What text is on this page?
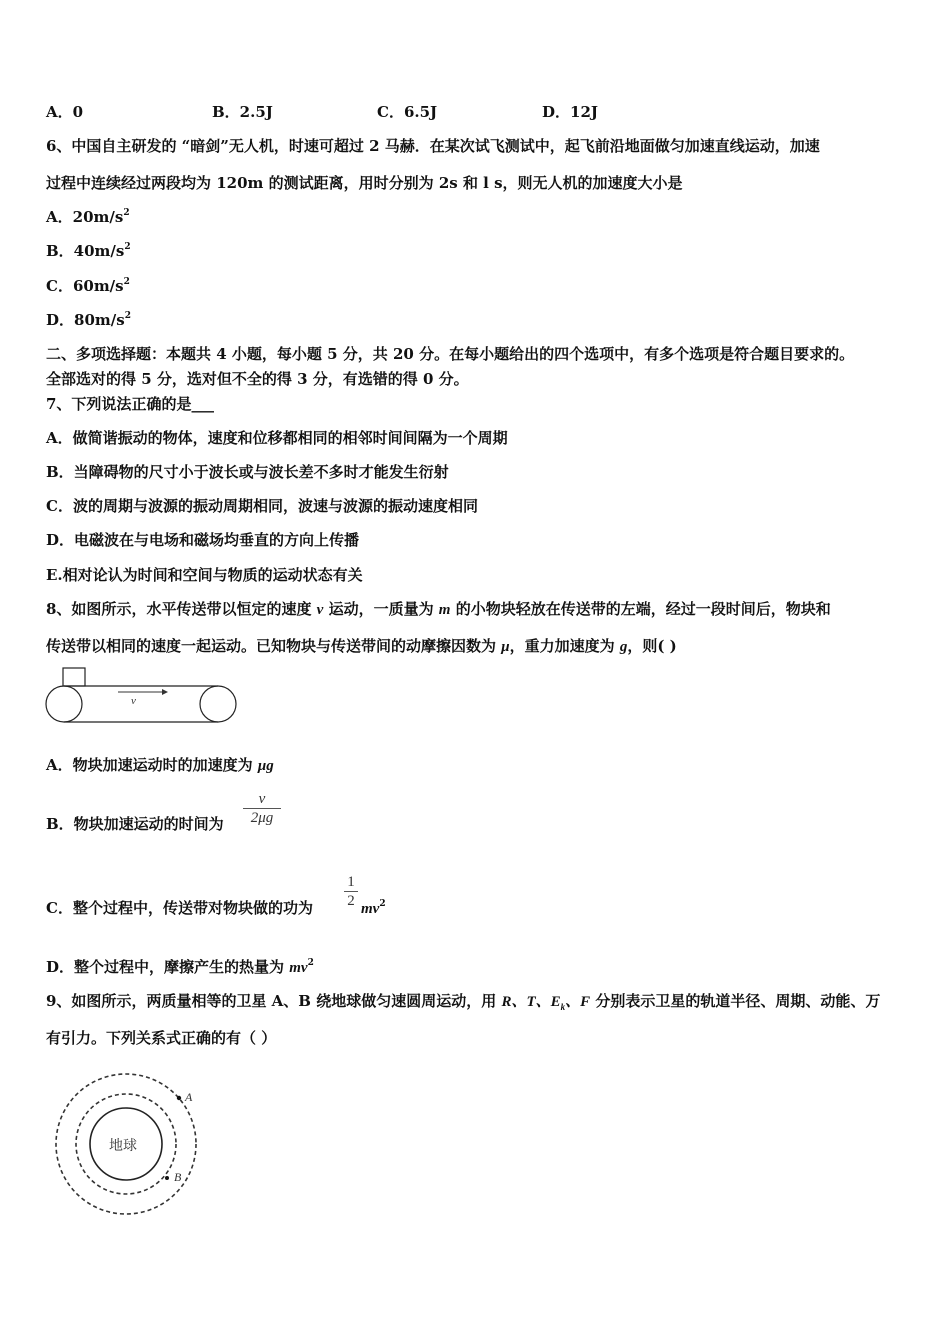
A．0	B．2.5J	C．6.5J	D．12J
6、中国自主研发的 “暗剑”无人机，时速可超过 2 马赫．在某次试飞测试中，起飞前沿地面做匀加速直线运动，加速
过程中连续经过两段均为 120m 的测试距离，用时分别为 2s 和 l s，则无人机的加速度大小是
A．$20m/s^2$
B．$40m/s^2$
C．$60m/s^2$
D．$80m/s^2$
二、多项选择题：本题共 4 小题，每小题 5 分，共 20 分。在每小题给出的四个选项中，有多个选项是符合题目要求的。
全部选对的得 5 分，选对但不全的得 3 分，有选错的得 0 分。
7、下列说法正确的是___
A．做简谐振动的物体，速度和位移都相同的相邻时间间隔为一个周期
B．当障碍物的尺寸小于波长或与波长差不多时才能发生衍射
C．波的周期与波源的振动周期相同，波速与波源的振动速度相同
D．电磁波在与电场和磁场均垂直的方向上传播
E.相对论认为时间和空间与物质的运动状态有关
8、如图所示，水平传送带以恒定的速度 v 运动，一质量为 m 的小物块轻放在传送带的左端，经过一段时间后，物块和
传送带以相同的速度一起运动。已知物块与传送带间的动摩擦因数为 μ，重力加速度为 g，则( )
v
A．物块加速运动时的加速度为 μg
B．物块加速运动的时间为
v
2μg
C．整个过程中，传送带对物块做的功为
1
2 $mv^2$
D．整个过程中，摩擦产生的热量为 $mv^2$
9、如图所示，两质量相等的卫星 A、B 绕地球做匀速圆周运动，用 R、T、$E_k$、F 分别表示卫星的轨道半径、周期、动能、万
有引力。下列关系式正确的有（ ）
地球
A
B
